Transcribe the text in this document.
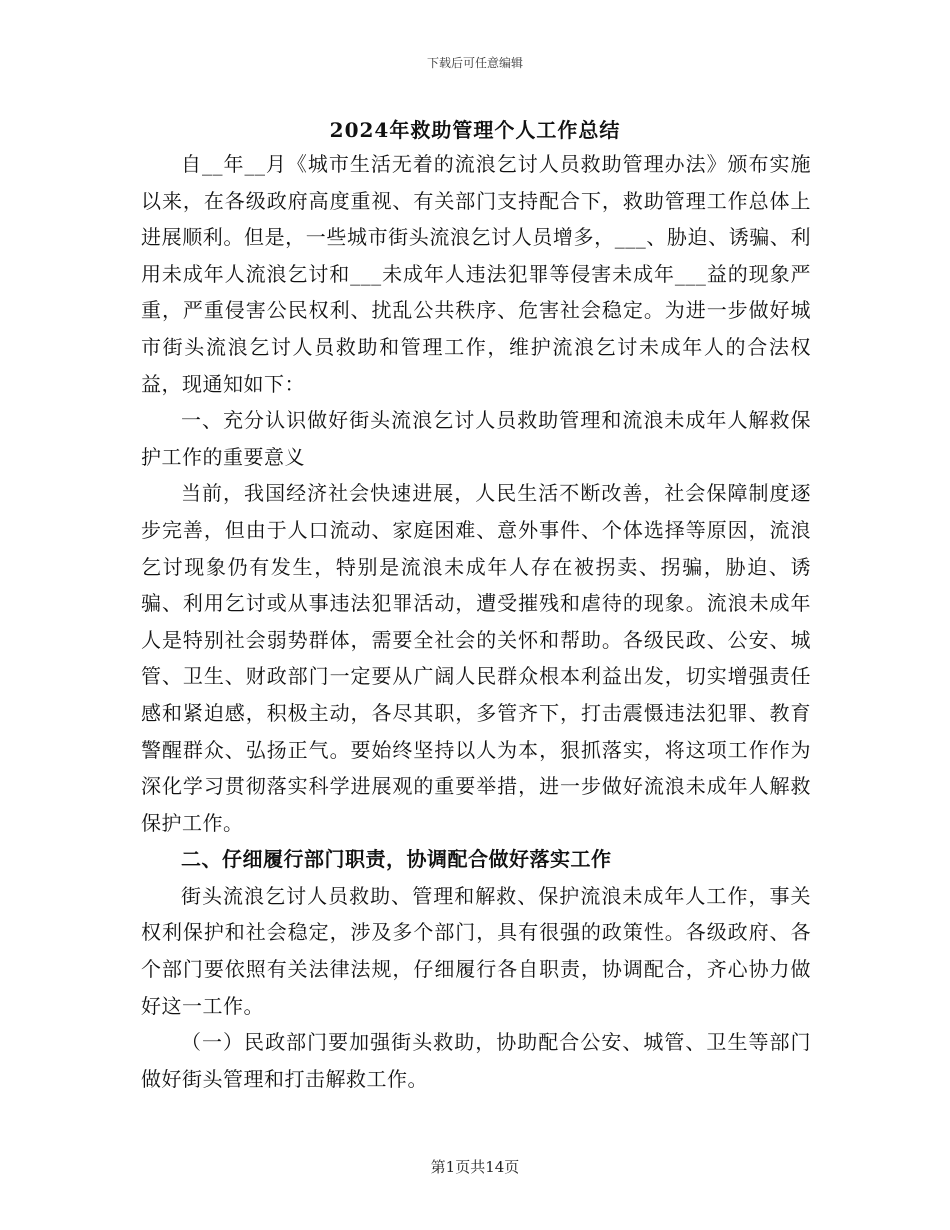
下载后可任意编辑
2024年救助管理个人工作总结

自__年__月《城市生活无着的流浪乞讨人员救助管理办法》颁布实施以来，在各级政府高度重视、有关部门支持配合下，救助管理工作总体上进展顺利。但是，一些城市街头流浪乞讨人员增多，___、胁迫、诱骗、利用未成年人流浪乞讨和___未成年人违法犯罪等侵害未成年___益的现象严重，严重侵害公民权利、扰乱公共秩序、危害社会稳定。为进一步做好城市街头流浪乞讨人员救助和管理工作，维护流浪乞讨未成年人的合法权益，现通知如下：

一、充分认识做好街头流浪乞讨人员救助管理和流浪未成年人解救保护工作的重要意义

当前，我国经济社会快速进展，人民生活不断改善，社会保障制度逐步完善，但由于人口流动、家庭困难、意外事件、个体选择等原因，流浪乞讨现象仍有发生，特别是流浪未成年人存在被拐卖、拐骗，胁迫、诱骗、利用乞讨或从事违法犯罪活动，遭受摧残和虐待的现象。流浪未成年人是特别社会弱势群体，需要全社会的关怀和帮助。各级民政、公安、城管、卫生、财政部门一定要从广阔人民群众根本利益出发，切实增强责任感和紧迫感，积极主动，各尽其职，多管齐下，打击震慑违法犯罪、教育警醒群众、弘扬正气。要始终坚持以人为本，狠抓落实，将这项工作作为深化学习贯彻落实科学进展观的重要举措，进一步做好流浪未成年人解救保护工作。

二、仔细履行部门职责，协调配合做好落实工作

街头流浪乞讨人员救助、管理和解救、保护流浪未成年人工作，事关权利保护和社会稳定，涉及多个部门，具有很强的政策性。各级政府、各个部门要依照有关法律法规，仔细履行各自职责，协调配合，齐心协力做好这一工作。

（一）民政部门要加强街头救助，协助配合公安、城管、卫生等部门做好街头管理和打击解救工作。

第1页共14页
